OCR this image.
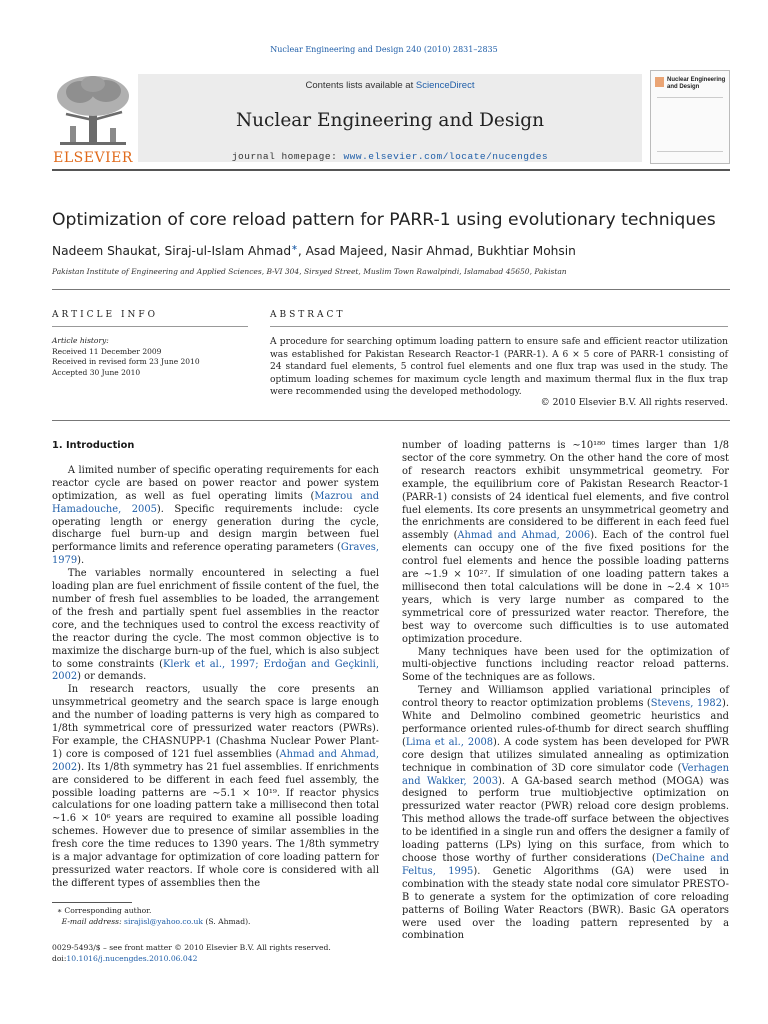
Nuclear Engineering and Design 240 (2010) 2831–2835
ELSEVIER
Contents lists available at ScienceDirect
Nuclear Engineering and Design
journal homepage: www.elsevier.com/locate/nucengdes
Nuclear Engineering and Design
Optimization of core reload pattern for PARR-1 using evolutionary techniques
Nadeem Shaukat, Siraj-ul-Islam Ahmad∗, Asad Majeed, Nasir Ahmad, Bukhtiar Mohsin
Pakistan Institute of Engineering and Applied Sciences, B-VI 304, Sirsyed Street, Muslim Town Rawalpindi, Islamabad 45650, Pakistan
ARTICLE INFO
Article history:
Received 11 December 2009
Received in revised form 23 June 2010
Accepted 30 June 2010
ABSTRACT
A procedure for searching optimum loading pattern to ensure safe and efficient reactor utilization was established for Pakistan Research Reactor-1 (PARR-1). A 6 × 5 core of PARR-1 consisting of 24 standard fuel elements, 5 control fuel elements and one flux trap was used in the study. The optimum loading schemes for maximum cycle length and maximum thermal flux in the flux trap were recommended using the developed methodology.
© 2010 Elsevier B.V. All rights reserved.
1. Introduction

A limited number of specific operating requirements for each reactor cycle are based on power reactor and power system optimization, as well as fuel operating limits (Mazrou and Hamadouche, 2005). Specific requirements include: cycle operating length or energy generation during the cycle, discharge fuel burn-up and design margin between fuel performance limits and reference operating parameters (Graves, 1979).

The variables normally encountered in selecting a fuel loading plan are fuel enrichment of fissile content of the fuel, the number of fresh fuel assemblies to be loaded, the arrangement of the fresh and partially spent fuel assemblies in the reactor core, and the techniques used to control the excess reactivity of the reactor during the cycle. The most common objective is to maximize the discharge burn-up of the fuel, which is also subject to some constraints (Klerk et al., 1997; Erdoğan and Geçkinli, 2002) or demands.

In research reactors, usually the core presents an unsymmetrical geometry and the search space is large enough and the number of loading patterns is very high as compared to 1/8th symmetrical core of pressurized water reactors (PWRs). For example, the CHASNUPP-1 (Chashma Nuclear Power Plant-1) core is composed of 121 fuel assemblies (Ahmad and Ahmad, 2002). Its 1/8th symmetry has 21 fuel assemblies. If enrichments are considered to be different in each feed fuel assembly, the possible loading patterns are ∼5.1 × 10¹⁹. If reactor physics calculations for one loading pattern take a millisecond then total ∼1.6 × 10⁶ years are required to examine all possible loading schemes. However due to presence of similar assemblies in the fresh core the time reduces to 1390 years. The 1/8th symmetry is a major advantage for optimization of core loading pattern for pressurized water reactors. If whole core is considered with all the different types of assemblies then the

number of loading patterns is ∼10¹⁸⁰ times larger than 1/8 sector of the core symmetry. On the other hand the core of most of research reactors exhibit unsymmetrical geometry. For example, the equilibrium core of Pakistan Research Reactor-1 (PARR-1) consists of 24 identical fuel elements, and five control fuel elements. Its core presents an unsymmetrical geometry and the enrichments are considered to be different in each feed fuel assembly (Ahmad and Ahmad, 2006). Each of the control fuel elements can occupy one of the five fixed positions for the control fuel elements and hence the possible loading patterns are ∼1.9 × 10²⁷. If simulation of one loading pattern takes a millisecond then total calculations will be done in ∼2.4 × 10¹⁵ years, which is very large number as compared to the symmetrical core of pressurized water reactor. Therefore, the best way to overcome such difficulties is to use automated optimization procedure.

Many techniques have been used for the optimization of multi-objective functions including reactor reload patterns. Some of the techniques are as follows.

Terney and Williamson applied variational principles of control theory to reactor optimization problems (Stevens, 1982). White and Delmolino combined geometric heuristics and performance oriented rules-of-thumb for direct search shuffling (Lima et al., 2008). A code system has been developed for PWR core design that utilizes simulated annealing as optimization technique in combination of 3D core simulator code (Verhagen and Wakker, 2003). A GA-based search method (MOGA) was designed to perform true multiobjective optimization on pressurized water reactor (PWR) reload core design problems. This method allows the trade-off surface between the objectives to be identified in a single run and offers the designer a family of loading patterns (LPs) lying on this surface, from which to choose those worthy of further considerations (DeChaine and Feltus, 1995). Genetic Algorithms (GA) were used in combination with the steady state nodal core simulator PRESTO-B to generate a system for the optimization of core reloading patterns of Boiling Water Reactors (BWR). Basic GA operators were used over the loading pattern represented by a combination

∗ Corresponding author.
E-mail address: sirajisl@yahoo.co.uk (S. Ahmad).
0029-5493/$ – see front matter © 2010 Elsevier B.V. All rights reserved.
doi:10.1016/j.nucengdes.2010.06.042
